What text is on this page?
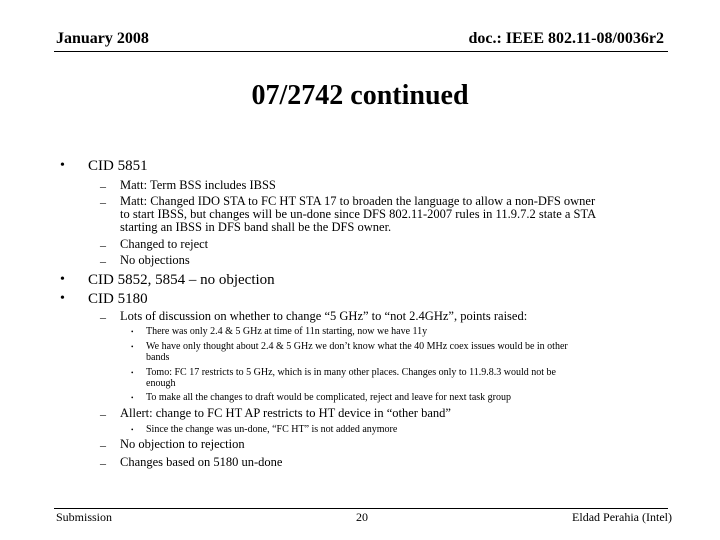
January 2008	doc.: IEEE 802.11-08/0036r2
07/2742 continued
• CID 5851
– Matt: Term BSS includes IBSS
– Matt: Changed IDO STA to FC HT STA 17 to broaden the language to allow a non-DFS owner
to start IBSS, but changes will be un-done since DFS 802.11-2007 rules in 11.9.7.2 state a STA
starting an IBSS in DFS band shall be the DFS owner.
– Changed to reject
– No objections
• CID 5852, 5854 – no objection
• CID 5180
– Lots of discussion on whether to change “5 GHz” to “not 2.4GHz”, points raised:
• There was only 2.4 & 5 GHz at time of 11n starting, now we have 11y
• We have only thought about 2.4 & 5 GHz we don’t know what the 40 MHz coex issues would be in other
bands
• Tomo: FC 17 restricts to 5 GHz, which is in many other places. Changes only to 11.9.8.3 would not be
enough
• To make all the changes to draft would be complicated, reject and leave for next task group
– Allert: change to FC HT AP restricts to HT device in “other band”
• Since the change was un-done, “FC HT” is not added anymore
– No objection to rejection
– Changes based on 5180 un-done
Submission	20	Eldad Perahia (Intel)
